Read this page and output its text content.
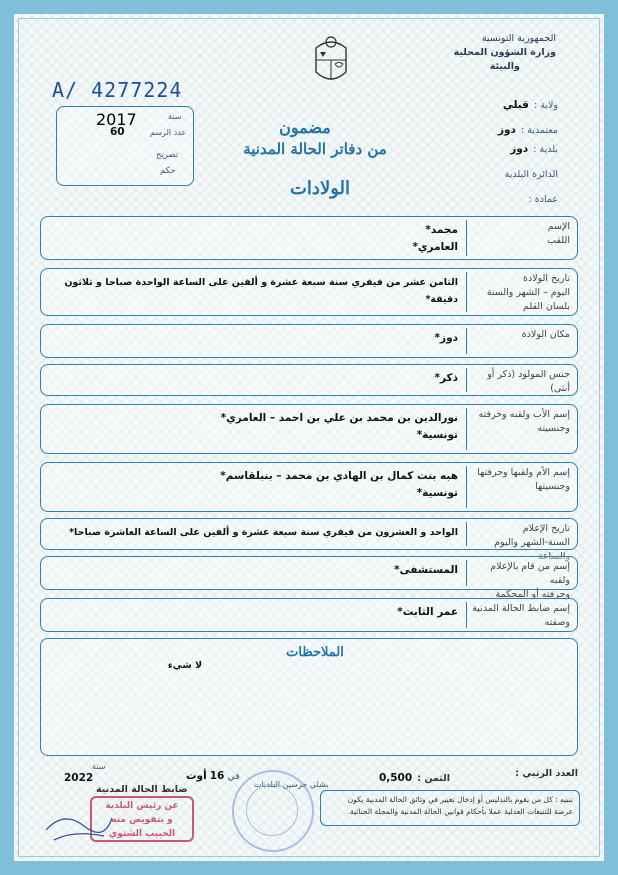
A/ 4277224
الجمهورية التونسية
وزارة الشؤون المحلية
والبيئة
ولاية : قبلي
معتمدية : دوز
بلدية : دوز
الدائرة البلدية
عمادة :
2017	سنة
60	عدد الرسم
تصريح
حكم
مضمون
من دفاتر الحالة المدنية
الولادات
الإسم
اللقب
محمد*
العامري*
تاريخ الولادة
اليوم – الشهر والسنة
بلسان القلم
الثامن عشر من فيفري سنة سبعة عشرة و ألفين على الساعة الواحدة صباحا و ثلاثون دقيقة*
مكان الولادة
دوز*
جنس المولود (ذكر أو أنثى)
ذكر*
إسم الأب ولقبه وحرفته
وجنسيته
نورالدين بن محمد بن علي بن احمد – العامري*
تونسية*
إسم الأم ولقبها وحرفتها
وجنسيتها
هبه بنت كمال بن الهادي بن محمد – بنبلقاسم*
تونسية*
تاريخ الإعلام
السنة-الشهر واليوم والساعة
الواحد و العشرون من فيفري سنة سبعة عشرة و ألفين على الساعة العاشرة صباحا*
إسم من قام بالإعلام ولقبه
وحرفته أو المحكمة
المستشفى*
إسم ضابط الحالة المدنية
وصفته
عمر الثابت*
الملاحظات
لا شيء
العدد الرتبي :
الثمن : 0,500
تنبيه : كل من يقوم بالتدليس أو إدخال تغيير في وثائق الحالة المدنية يكون عرضة للتتبعات العدلية عملا بأحكام قوانين الحالة المدنية والمجلة الجنائية.
بشلي جرسين البلديات
في 16 أوت
سنة
2022
ضابط الحالة المدنية
عن رئيس البلدية
و بتفويض منه
الحبيب الشتوي
